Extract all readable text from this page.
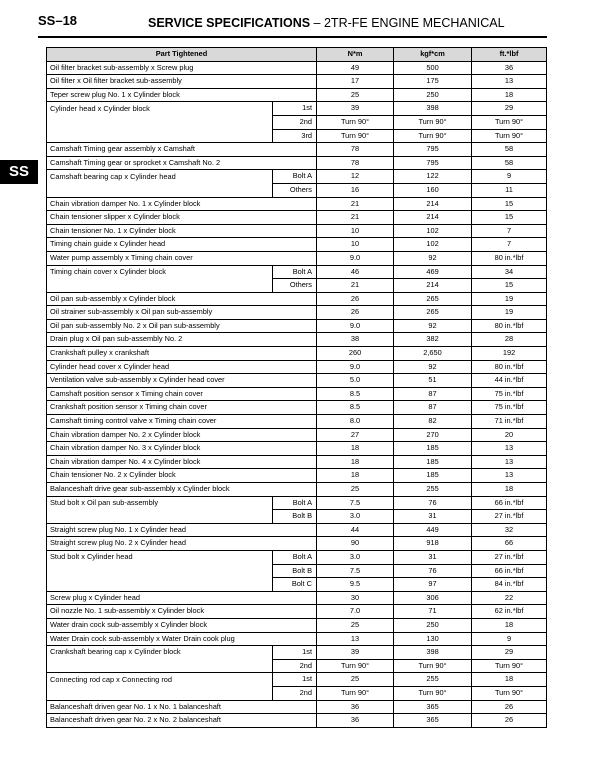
SS–18	SERVICE SPECIFICATIONS – 2TR-FE ENGINE MECHANICAL
SS
Part Tightened		N*m	kgf*cm	ft.*lbf
Oil filter bracket sub-assembly x Screw plug		49	500	36
Oil filter x Oil filter bracket sub-assembly		17	175	13
Teper screw plug No. 1 x Cylinder block		25	250	18
Cylinder head x Cylinder block	1st	39	398	29
	2nd	Turn 90°	Turn 90°	Turn 90°
	3rd	Turn 90°	Turn 90°	Turn 90°
Camshaft Timing gear assembly x Camshaft		78	795	58
Camshaft Timing gear or sprocket x Camshaft No. 2		78	795	58
Camshaft bearing cap x Cylinder head	Bolt A	12	122	9
	Others	16	160	11
Chain vibration damper No. 1 x Cylinder block		21	214	15
Chain tensioner slipper x Cylinder block		21	214	15
Chain tensioner No. 1 x Cylinder block		10	102	7
Timing chain guide x Cylinder head		10	102	7
Water pump assembly x Timing chain cover		9.0	92	80 in.*lbf
Timing chain cover x Cylinder block	Bolt A	46	469	34
	Others	21	214	15
Oil pan sub-assembly x Cylinder block		26	265	19
Oil strainer sub-assembly x Oil pan sub-assembly		26	265	19
Oil pan sub-assembly No. 2 x Oil pan sub-assembly		9.0	92	80 in.*lbf
Drain plug x Oil pan sub-assembly No. 2		38	382	28
Crankshaft pulley x crankshaft		260	2,650	192
Cylinder head cover x Cylinder head		9.0	92	80 in.*lbf
Ventilation valve sub-assembly x Cylinder head cover		5.0	51	44 in.*lbf
Camshaft position sensor x Timing chain cover		8.5	87	75 in.*lbf
Crankshaft position sensor x Timing chain cover		8.5	87	75 in.*lbf
Camshaft timing control valve x Timing chain cover		8.0	82	71 in.*lbf
Chain vibration damper No. 2 x Cylinder block		27	270	20
Chain vibration damper No. 3 x Cylinder block		18	185	13
Chain vibration damper No. 4 x Cylinder block		18	185	13
Chain tensioner No. 2 x Cylinder block		18	185	13
Balanceshaft drive gear sub-assembly x Cylinder block		25	255	18
Stud bolt x Oil pan sub-assembly	Bolt A	7.5	76	66 in.*lbf
	Bolt B	3.0	31	27 in.*lbf
Straight screw plug No. 1 x Cylinder head		44	449	32
Straight screw plug No. 2 x Cylinder head		90	918	66
Stud bolt x Cylinder head	Bolt A	3.0	31	27 in.*lbf
	Bolt B	7.5	76	66 in.*lbf
	Bolt C	9.5	97	84 in.*lbf
Screw plug x Cylinder head		30	306	22
Oil nozzle No. 1 sub-assembly x Cylinder block		7.0	71	62 in.*lbf
Water drain cock sub-assembly x Cylinder block		25	250	18
Water Drain cock sub-assembly x Water Drain cook plug		13	130	9
Crankshaft bearing cap x Cylinder block	1st	39	398	29
	2nd	Turn 90°	Turn 90°	Turn 90°
Connecting rod cap x Connecting rod	1st	25	255	18
	2nd	Turn 90°	Turn 90°	Turn 90°
Balanceshaft driven gear No. 1 x No. 1 balanceshaft		36	365	26
Balanceshaft driven gear No. 2 x No. 2 balanceshaft		36	365	26
